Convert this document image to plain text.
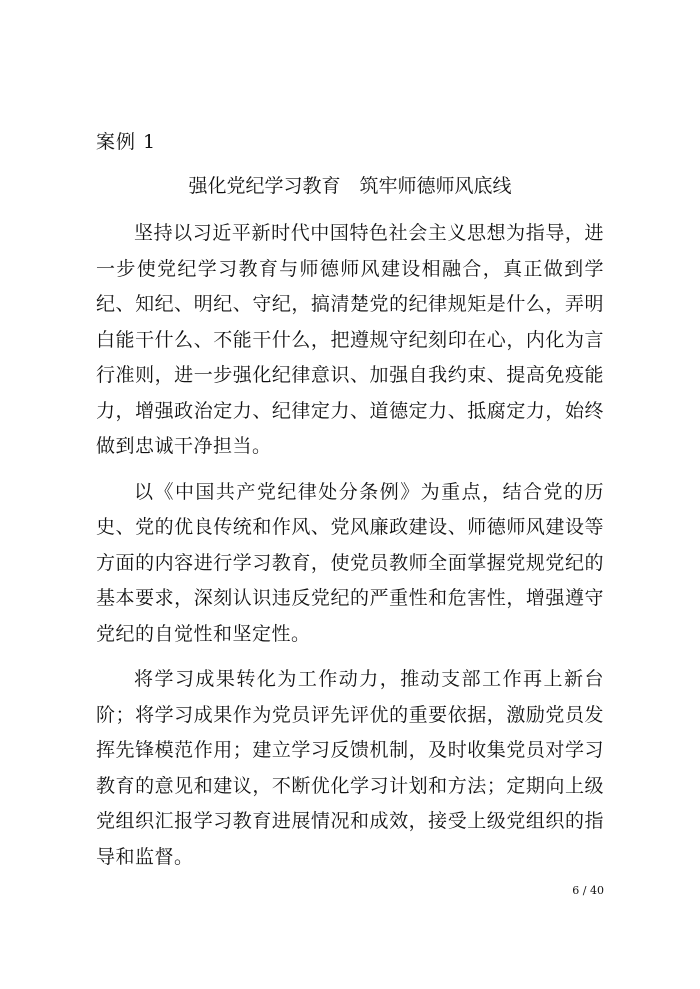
案例 1
强化党纪学习教育　筑牢师德师风底线

坚持以习近平新时代中国特色社会主义思想为指导，进一步使党纪学习教育与师德师风建设相融合，真正做到学纪、知纪、明纪、守纪，搞清楚党的纪律规矩是什么，弄明白能干什么、不能干什么，把遵规守纪刻印在心，内化为言行准则，进一步强化纪律意识、加强自我约束、提高免疫能力，增强政治定力、纪律定力、道德定力、抵腐定力，始终做到忠诚干净担当。

以《中国共产党纪律处分条例》为重点，结合党的历史、党的优良传统和作风、党风廉政建设、师德师风建设等方面的内容进行学习教育，使党员教师全面掌握党规党纪的基本要求，深刻认识违反党纪的严重性和危害性，增强遵守党纪的自觉性和坚定性。

将学习成果转化为工作动力，推动支部工作再上新台阶；将学习成果作为党员评先评优的重要依据，激励党员发挥先锋模范作用；建立学习反馈机制，及时收集党员对学习教育的意见和建议，不断优化学习计划和方法；定期向上级党组织汇报学习教育进展情况和成效，接受上级党组织的指导和监督。

6 / 40
